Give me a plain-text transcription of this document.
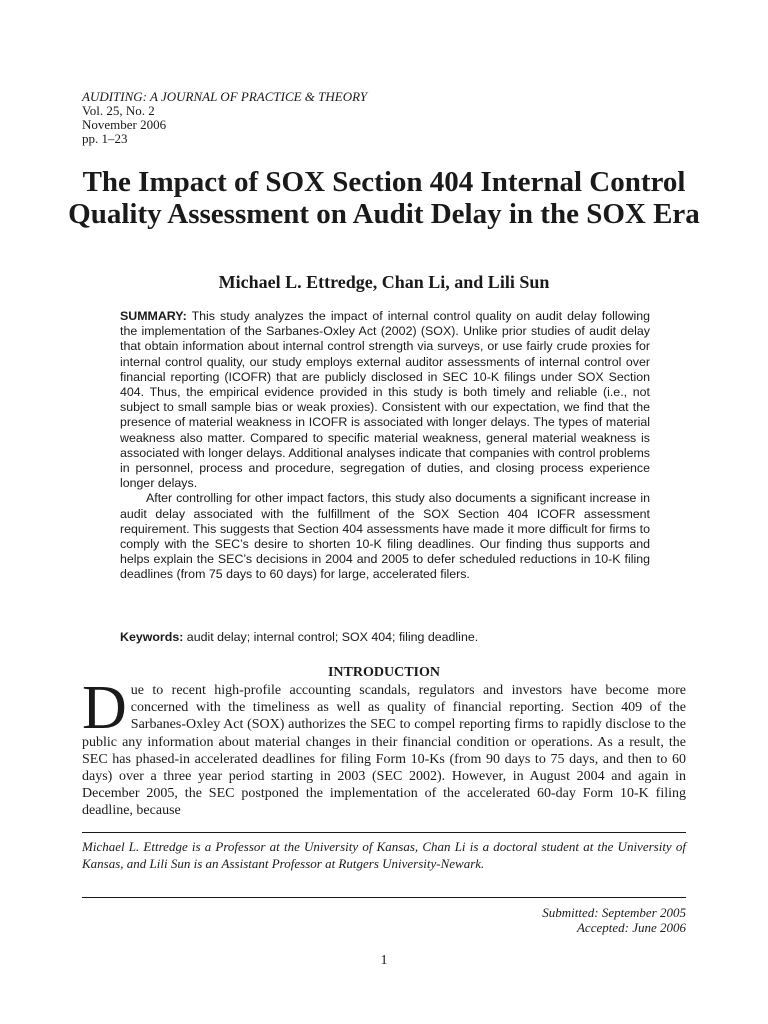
AUDITING: A JOURNAL OF PRACTICE & THEORY
Vol. 25, No. 2
November 2006
pp. 1–23
The Impact of SOX Section 404 Internal Control Quality Assessment on Audit Delay in the SOX Era
Michael L. Ettredge, Chan Li, and Lili Sun

SUMMARY: This study analyzes the impact of internal control quality on audit delay following the implementation of the Sarbanes-Oxley Act (2002) (SOX). Unlike prior studies of audit delay that obtain information about internal control strength via surveys, or use fairly crude proxies for internal control quality, our study employs external auditor assessments of internal control over financial reporting (ICOFR) that are publicly disclosed in SEC 10-K filings under SOX Section 404. Thus, the empirical evidence provided in this study is both timely and reliable (i.e., not subject to small sample bias or weak proxies). Consistent with our expectation, we find that the presence of material weakness in ICOFR is associated with longer delays. The types of material weakness also matter. Compared to specific material weakness, general material weakness is associated with longer delays. Additional analyses indicate that companies with control problems in personnel, process and procedure, segregation of duties, and closing process experience longer delays.

After controlling for other impact factors, this study also documents a significant increase in audit delay associated with the fulfillment of the SOX Section 404 ICOFR assessment requirement. This suggests that Section 404 assessments have made it more difficult for firms to comply with the SEC’s desire to shorten 10-K filing deadlines. Our finding thus supports and helps explain the SEC’s decisions in 2004 and 2005 to defer scheduled reductions in 10-K filing deadlines (from 75 days to 60 days) for large, accelerated filers.

Keywords: audit delay; internal control; SOX 404; filing deadline.
INTRODUCTION
Due to recent high-profile accounting scandals, regulators and investors have become more concerned with the timeliness as well as quality of financial reporting. Section 409 of the Sarbanes-Oxley Act (SOX) authorizes the SEC to compel reporting firms to rapidly disclose to the public any information about material changes in their financial condition or operations. As a result, the SEC has phased-in accelerated deadlines for filing Form 10-Ks (from 90 days to 75 days, and then to 60 days) over a three year period starting in 2003 (SEC 2002). However, in August 2004 and again in December 2005, the SEC postponed the implementation of the accelerated 60-day Form 10-K filing deadline, because
Michael L. Ettredge is a Professor at the University of Kansas, Chan Li is a doctoral student at the University of Kansas, and Lili Sun is an Assistant Professor at Rutgers University-Newark.
Submitted: September 2005
Accepted: June 2006
1
